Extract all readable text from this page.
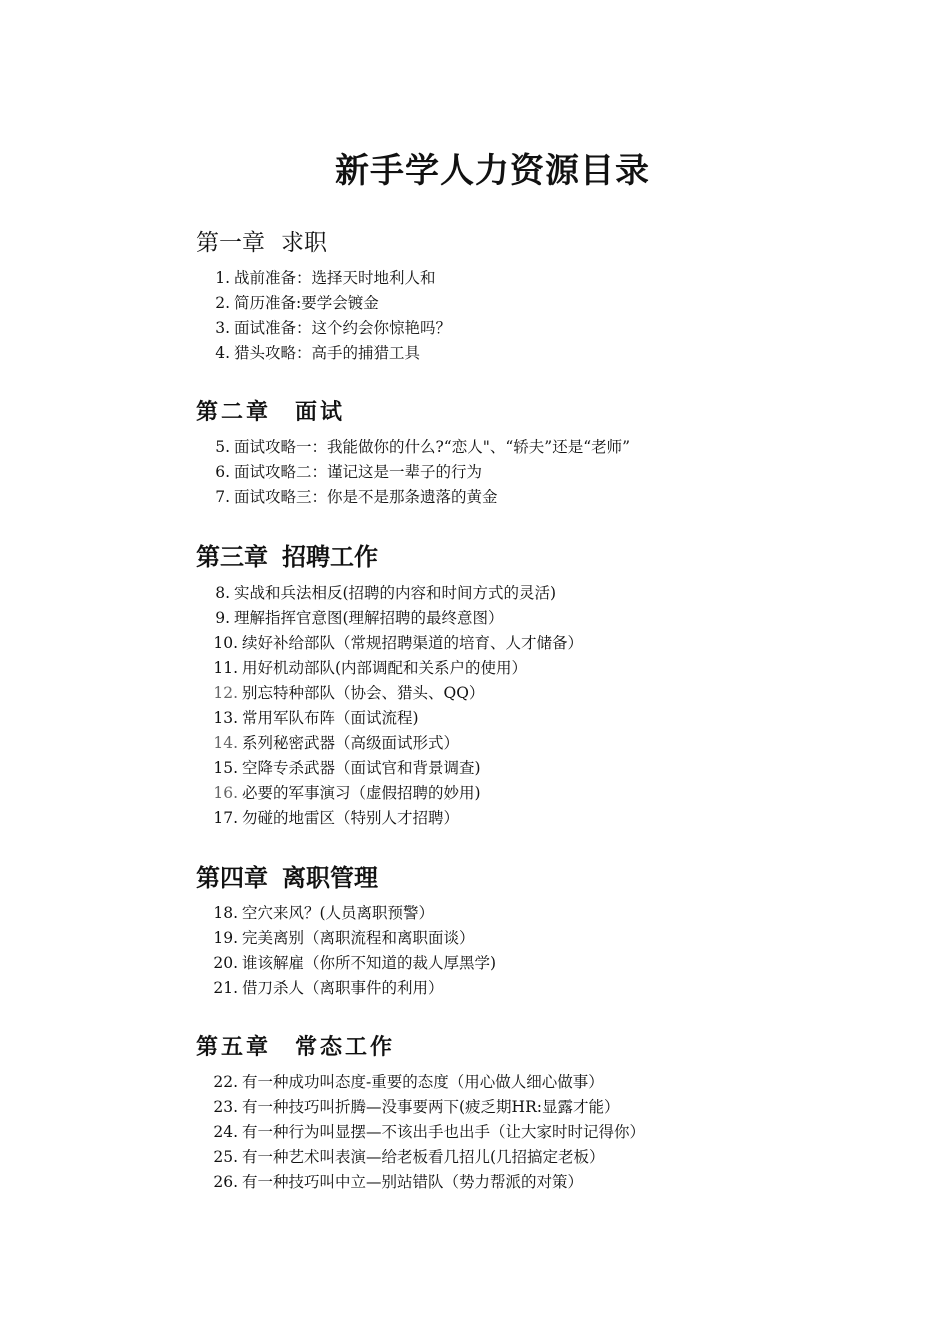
新手学人力资源目录
第一章 求职
1. 战前准备：选择天时地利人和
2. 简历准备:要学会镀金
3. 面试准备：这个约会你惊艳吗？
4. 猎头攻略：高手的捕猎工具
第二章 面试
5. 面试攻略一：我能做你的什么?“恋人"、“轿夫”还是“老师”
6. 面试攻略二：谨记这是一辈子的行为
7. 面试攻略三：你是不是那条遗落的黄金
第三章 招聘工作
8. 实战和兵法相反(招聘的内容和时间方式的灵活)
9. 理解指挥官意图(理解招聘的最终意图）
10. 续好补给部队（常规招聘渠道的培育、人才储备）
11. 用好机动部队(内部调配和关系户的使用）
12. 别忘特种部队（协会、猎头、QQ）
13. 常用军队布阵（面试流程)
14. 系列秘密武器（高级面试形式）
15. 空降专杀武器（面试官和背景调查)
16. 必要的军事演习（虚假招聘的妙用)
17. 勿碰的地雷区（特别人才招聘）
第四章 离职管理
18. 空穴来风？(人员离职预警）
19. 完美离别（离职流程和离职面谈）
20. 谁该解雇（你所不知道的裁人厚黑学)
21. 借刀杀人（离职事件的利用）
第五章 常态工作
22. 有一种成功叫态度-重要的态度（用心做人细心做事）
23. 有一种技巧叫折腾—没事要两下(疲乏期HR:显露才能）
24. 有一种行为叫显摆—不该出手也出手（让大家时时记得你）
25. 有一种艺术叫表演—给老板看几招儿(几招搞定老板）
26. 有一种技巧叫中立—别站错队（势力帮派的对策）
